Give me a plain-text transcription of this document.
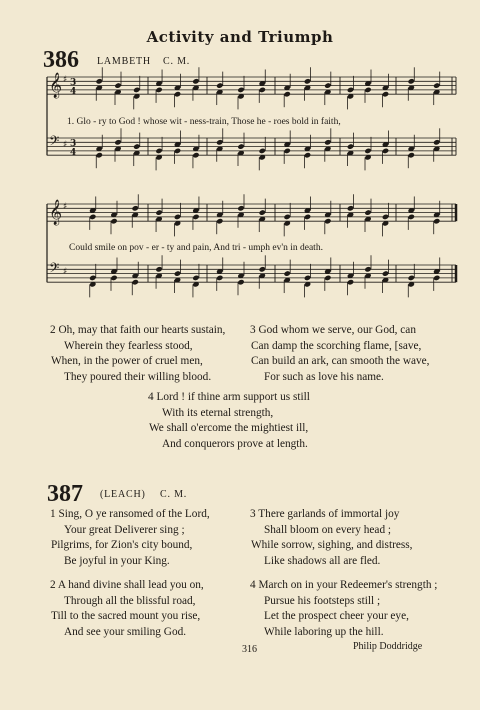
Activity and Triumph
386 LAMBETH C. M.
𝄞 ♯ 3
4
𝄢 ♯ 3
4
𝄞 ♯
𝄢 ♯
1. Glo - ry to God ! whose wit - ness-train, Those he - roes bold in faith,
Could smile on pov - er - ty and pain, And tri - umph ev'n in death.
2 Oh, may that faith our hearts sustain,
Wherein they fearless stood,
When, in the power of cruel men,
They poured their willing blood.
3 God whom we serve, our God, can
Can damp the scorching flame, [save,
Can build an ark, can smooth the wave,
For such as love his name.
4 Lord ! if thine arm support us still
With its eternal strength,
We shall o'ercome the mightiest ill,
And conquerors prove at length.
387 (LEACH) C. M.
1 Sing, O ye ransomed of the Lord,
Your great Deliverer sing ;
Pilgrims, for Zion's city bound,
Be joyful in your King.
3 There garlands of immortal joy
Shall bloom on every head ;
While sorrow, sighing, and distress,
Like shadows all are fled.
2 A hand divine shall lead you on,
Through all the blissful road,
Till to the sacred mount you rise,
And see your smiling God.
4 March on in your Redeemer's strength ;
Pursue his footsteps still ;
Let the prospect cheer your eye,
While laboring up the hill.
316	Philip Doddridge
